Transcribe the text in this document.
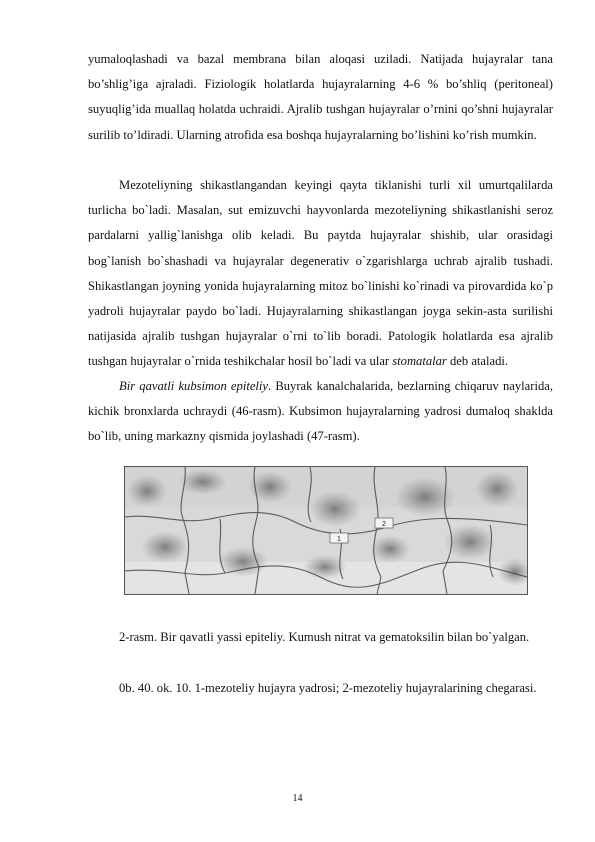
yumaloqlashadi va bazal membrana bilan aloqasi uziladi. Natijada hujayralar tana bo’shlig’iga ajraladi. Fiziologik holatlarda hujayralarning 4-6 % bo’shliq (peritoneal) suyuqlig’ida muallaq holatda uchraidi. Ajralib tushgan hujayralar o’rnini qo’shni hujayralar surilib to’ldiradi. Ularning atrofida esa boshqa hujayralarning bo’lishini ko’rish mumkin.
Mezoteliyning shikastlangandan keyingi qayta tiklanishi turli xil umurtqalilarda turlicha bo`ladi. Masalan, sut emizuvchi hayvonlarda mezoteliyning shikastlanishi seroz pardalarni yallig`lanishga olib keladi. Bu paytda hujayralar shishib, ular orasidagi bog`lanish bo`shashadi va hujayralar degenerativ o`zgarishlarga uchrab ajralib tushadi. Shikastlangan joyning yonida hujayralarning mitoz bo`linishi ko`rinadi va pirovardida ko`p yadroli hujayralar paydo bo`ladi. Hujayralarning shikastlangan joyga sekin-asta surilishi natijasida ajralib tushgan hujayralar o`rni to`lib boradi. Patologik holatlarda esa ajralib tushgan hujayralar o`rnida teshikchalar hosil bo`ladi va ular stomatalar deb ataladi.
Bir qavatli kubsimon epiteliy. Buyrak kanalchalarida, bezlarning chiqaruv naylarida, kichik bronxlarda uchraydi (46-rasm). Kubsimon hujayralarning yadrosi dumaloq shaklda bo`lib, uning markazny qismida joylashadi (47-rasm).
1
2
2-rasm. Bir qavatli yassi epiteliy. Kumush nitrat va gematoksilin bilan bo`yalgan.
0b. 40. ok. 10. 1-mezoteliy hujayra yadrosi; 2-mezoteliy hujayralarining chegarasi.
14
